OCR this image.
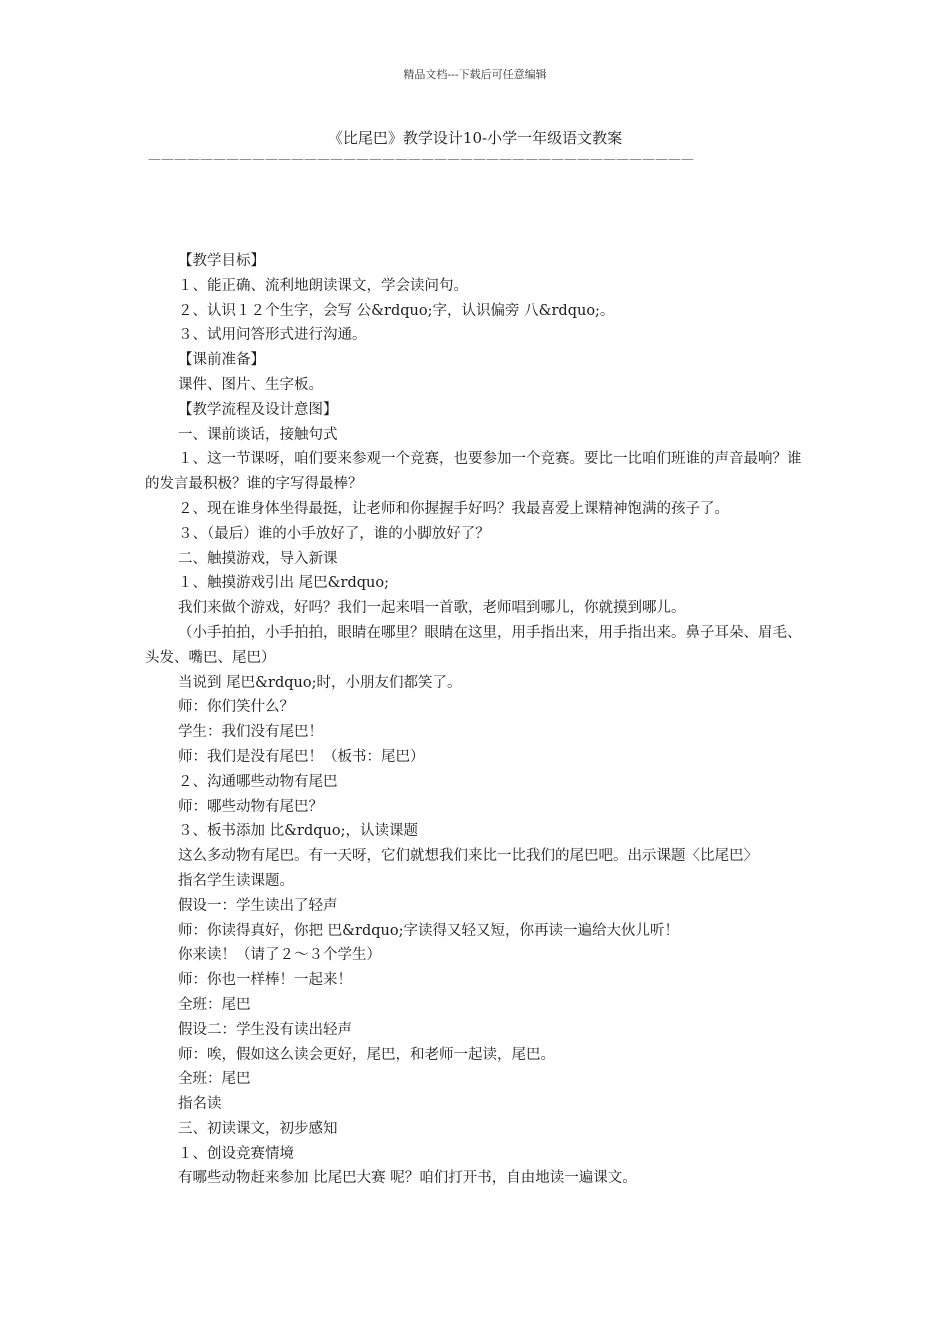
精品文档---下载后可任意编辑
《比尾巴》教学设计10-小学一年级语文教案
——————————————————————————————————————————

【教学目标】

１、能正确、流利地朗读课文，学会读问句。

２、认识１２个生字，会写 公&rdquo;字，认识偏旁 八&rdquo;。

３、试用问答形式进行沟通。

【课前准备】

课件、图片、生字板。

【教学流程及设计意图】

一、课前谈话，接触句式

１、这一节课呀，咱们要来参观一个竞赛，也要参加一个竞赛。要比一比咱们班谁的声音最响？谁的发言最积极？谁的字写得最棒？

２、现在谁身体坐得最挺，让老师和你握握手好吗？我最喜爱上课精神饱满的孩子了。

３、（最后）谁的小手放好了，谁的小脚放好了？

二、触摸游戏，导入新课

１、触摸游戏引出 尾巴&rdquo;

我们来做个游戏，好吗？我们一起来唱一首歌，老师唱到哪儿，你就摸到哪儿。

（小手拍拍，小手拍拍，眼睛在哪里？眼睛在这里，用手指出来，用手指出来。鼻子耳朵、眉毛、头发、嘴巴、尾巴）

当说到 尾巴&rdquo;时，小朋友们都笑了。

师：你们笑什么？

学生：我们没有尾巴！

师：我们是没有尾巴！（板书：尾巴）

２、沟通哪些动物有尾巴

师：哪些动物有尾巴？

３、板书添加 比&rdquo;，认读课题

这么多动物有尾巴。有一天呀，它们就想我们来比一比我们的尾巴吧。出示课题〈比尾巴〉

指名学生读课题。

假设一：学生读出了轻声

师：你读得真好，你把 巴&rdquo;字读得又轻又短，你再读一遍给大伙儿听！

你来读！（请了２～３个学生）

师：你也一样棒！一起来！

全班：尾巴

假设二：学生没有读出轻声

师：唉，假如这么读会更好，尾巴，和老师一起读，尾巴。

全班：尾巴

指名读

三、初读课文，初步感知

１、创设竞赛情境

有哪些动物赶来参加 比尾巴大赛 呢？咱们打开书，自由地读一遍课文。
